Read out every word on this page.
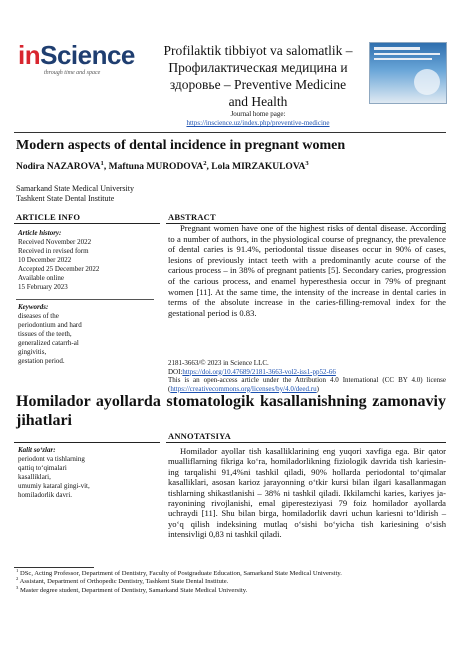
inScience
through time and space
Profilaktik tibbiyot va salomatlik –
Профилактическая медицина и
здоровье – Preventive Medicine
and Health
Journal home page:
https://inscience.uz/index.php/preventive-medicine
Modern aspects of dental incidence in pregnant women
Nodira NAZAROVA$^1$, Maftuna MURODOVA$^2$, Lola MIRZAKULOVA$^3$
Samarkand State Medical University
Tashkent State Dental Institute
ARTICLE INFO	ABSTRACT
Article history:
Received November 2022
Received in revised form
10 December 2022
Accepted 25 December 2022
Available online
15 February 2023
Keywords:
diseases of the
periodontium and hard
tissues of the teeth,
generalized catarrh-al
gingivitis,
gestation period.
Pregnant women have one of the highest risks of dental disease. According to a number of authors, in the physiological course of pregnancy, the prevalence of dental caries is 91.4%, periodontal tissue diseases occur in 90% of cases, lesions of previously intact teeth with a predominantly acute course of the carious process – in 38% of pregnant patients [5]. Secondary caries, progression of the carious process, and enamel hyperesthesia occur in 79% of pregnant women [11]. At the same time, the intensity of the increase in dental caries in terms of the absolute increase in the caries-filling-removal index for the gestational period is 0.83.
2181-3663/© 2023 in Science LLC.
DOI:https://doi.org/10.47689/2181-3663-vol2-iss1-pp52-66
This is an open-access article under the Attribution 4.0 International (CC BY 4.0) license (https://creativecommons.org/licenses/by/4.0/deed.ru)
Homilador ayollarda stomatologik kasallanishning zamonaviy jihatlari
ANNOTATSIYA
Kalit so‘zlar:
periodont va tishlarning
qattiq to‘qimalari
kasalliklari,
umumiy kataral gingi-vit,
homiladorlik davri.
Homilador ayollar tish kasalliklarining eng yuqori xavfiga ega. Bir qator mualliflarning fikriga ko‘ra, homiladorlikning fiziologik davrida tish kariesin-ing tarqalishi 91,4%ni tashkil qiladi, 90% hollarda periodontal to‘qimalar kasalliklari, asosan karioz jarayonning o‘tkir kursi bilan ilgari kasallanmagan tishlarning shikastlanishi – 38% ni tashkil qiladi. Ikkilamchi karies, kariyes ja-rayonining rivojlanishi, emal giperesteziyasi 79 foiz homilador ayollarda uchraydi [11]. Shu bilan birga, homiladorlik davri uchun kariesni to‘ldirish – yo‘q qilish indeksining mutlaq o‘sishi bo‘yicha tish kariesining o‘sish intensivligi 0,83 ni tashkil qiladi.
$^1$ DSc, Acting Professor, Department of Dentistry, Faculty of Postgraduate Education, Samarkand State Medical University.
$^2$ Assistant, Department of Orthopedic Dentistry, Tashkent State Dental Institute.
$^3$ Master degree student, Department of Dentistry, Samarkand State Medical University.
